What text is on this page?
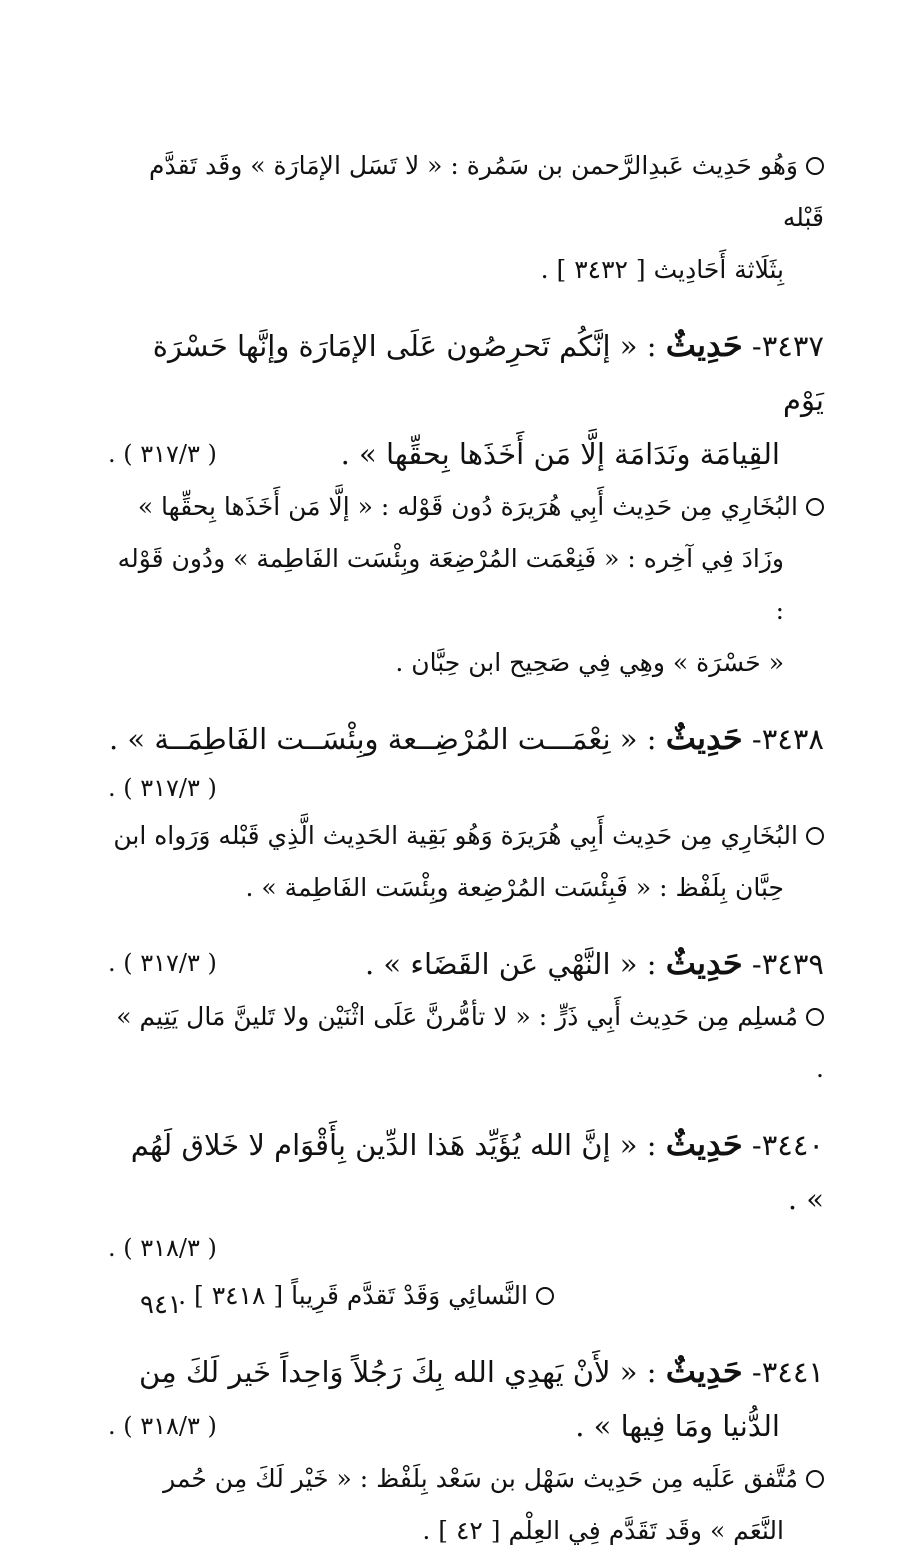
وَهُو حَدِيث عَبدِالرَّحمن بن سَمُرة : « لا تَسَل الإمَارَة » وقَد تَقدَّم قَبْله
بِثَلَاثة أَحَادِيث [ ٣٤٣٢ ] .
٣٤٣٧- حَدِيثٌ : « إنَّكُم تَحرِصُون عَلَى الإمَارَة وإنَّها حَسْرَة يَوْم
القِيامَة ونَدَامَة إلَّا مَن أَخَذَها بِحقِّها » .
( ٣١٧/٣ ) .
البُخَارِي مِن حَدِيث أَبِي هُرَيرَة دُون قَوْله : « إلَّا مَن أَخَذَها بِحقِّها »
وزَادَ فِي آخِره : « فَنِعْمَت المُرْضِعَة وبِئْسَت الفَاطِمة » ودُون قَوْله :
« حَسْرَة » وهِي فِي صَحِيح ابن حِبَّان .
٣٤٣٨- حَدِيثٌ : « نِعْمَـــت المُرْضِــعة وبِئْسَــت الفَاطِمَــة » .
( ٣١٧/٣ ) .
البُخَارِي مِن حَدِيث أَبِي هُرَيرَة وَهُو بَقِية الحَدِيث الَّذِي قَبْله وَرَواه ابن
حِبَّان بِلَفْظ : « فَبِئْسَت المُرْضِعة وبِئْسَت الفَاطِمة » .
( ٣١٧/٣ ) .	٣٤٣٩- حَدِيثٌ : « النَّهْي عَن القَضَاء » .
مُسلِم مِن حَدِيث أَبِي ذَرٍّ : « لا تأمُّرنَّ عَلَى اثْنَيْن ولا تَلينَّ مَال يَتِيم » .
٣٤٤٠- حَدِيثٌ : « إنَّ الله يُؤَيِّد هَذا الدِّين بِأَقْوَام لا خَلاق لَهُم » .
( ٣١٨/٣ ) .
النَّسائِي وَقَدْ تَقدَّم قَرِيباً [ ٣٤١٨ ] .
٣٤٤١- حَدِيثٌ : « لأَنْ يَهدِي الله بِكَ رَجُلاً وَاحِداً خَير لَكَ مِن
الدُّنيا ومَا فِيها » .
( ٣١٨/٣ ) .
مُتَّفق عَلَيه مِن حَدِيث سَهْل بن سَعْد بِلَفْظ : « خَيْر لَكَ مِن حُمر
النَّعَم » وقَد تَقَدَّم فِي العِلْم [ ٤٢ ] .
٩٤١
